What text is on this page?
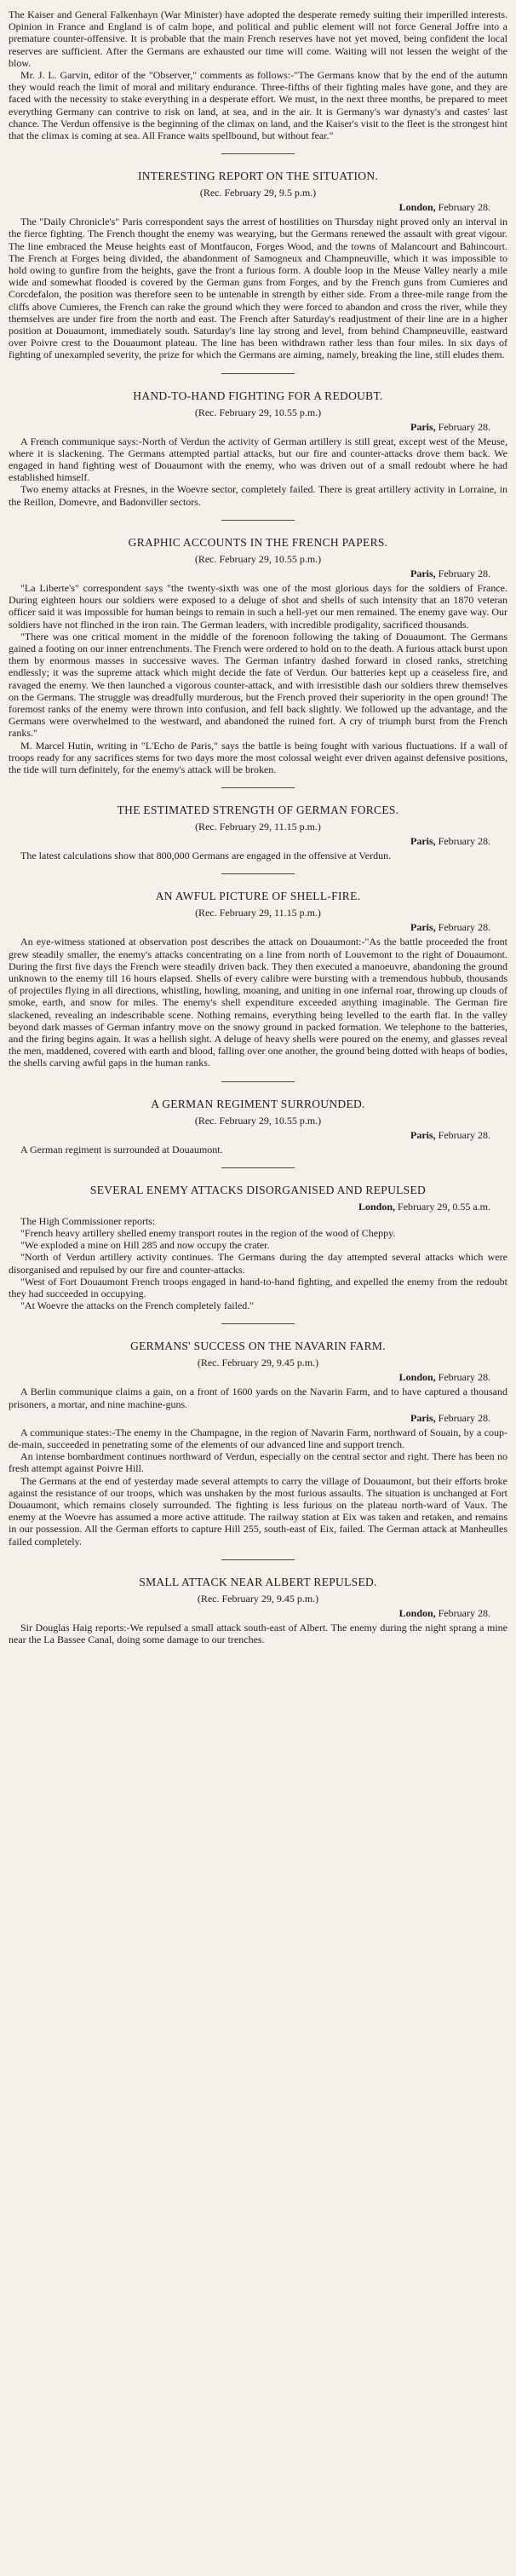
The Kaiser and General Falkenhayn (War Minister) have adopted the desperate remedy suiting their imperilled interests. Opinion in France and England is of calm hope, and political and public element will not force General Joffre into a premature counter-offensive. It is probable that the main French reserves have not yet moved, being confident the local reserves are sufficient. After the Germans are exhausted our time will come. Waiting will not lessen the weight of the blow.

Mr. J. L. Garvin, editor of the "Observer," comments as follows:-"The Germans know that by the end of the autumn they would reach the limit of moral and military endurance. Three-fifths of their fighting males have gone, and they are faced with the necessity to stake everything in a desperate effort. We must, in the next three months, be prepared to meet everything Germany can contrive to risk on land, at sea, and in the air. It is Germany's war dynasty's and castes' last chance. The Verdun offensive is the beginning of the climax on land, and the Kaiser's visit to the fleet is the strongest hint that the climax is coming at sea. All France waits spellbound, but without fear."

INTERESTING REPORT ON THE SITUATION.
(Rec. February 29, 9.5 p.m.)
London, February 28.

The "Daily Chronicle's" Paris correspondent says the arrest of hostilities on Thursday night proved only an interval in the fierce fighting. The French thought the enemy was wearying, but the Germans renewed the assault with great vigour. The line embraced the Meuse heights east of Montfaucon, Forges Wood, and the towns of Malancourt and Bahincourt. The French at Forges being divided, the abandonment of Samogneux and Champneuville, which it was impossible to hold owing to gunfire from the heights, gave the front a furious form. A double loop in the Meuse Valley nearly a mile wide and somewhat flooded is covered by the German guns from Forges, and by the French guns from Cumieres and Corcdefalon, the position was therefore seen to be untenable in strength by either side. From a three-mile range from the cliffs above Cumieres, the French can rake the ground which they were forced to abandon and cross the river, while they themselves are under fire from the north and east. The French after Saturday's readjustment of their line are in a higher position at Douaumont, immediately south. Saturday's line lay strong and level, from behind Champneuville, eastward over Poivre crest to the Douaumont plateau. The line has been withdrawn rather less than four miles. In six days of fighting of unexampled severity, the prize for which the Germans are aiming, namely, breaking the line, still eludes them.

HAND-TO-HAND FIGHTING FOR A REDOUBT.
(Rec. February 29, 10.55 p.m.)
Paris, February 28.

A French communique says:-North of Verdun the activity of German artillery is still great, except west of the Meuse, where it is slackening. The Germans attempted partial attacks, but our fire and counter-attacks drove them back. We engaged in hand fighting west of Douaumont with the enemy, who was driven out of a small redoubt where he had established himself.

Two enemy attacks at Fresnes, in the Woevre sector, completely failed. There is great artillery activity in Lorraine, in the Reillon, Domevre, and Badonviller sectors.

GRAPHIC ACCOUNTS IN THE FRENCH PAPERS.
(Rec. February 29, 10.55 p.m.)
Paris, February 28.

"La Liberte's" correspondent says "the twenty-sixth was one of the most glorious days for the soldiers of France. During eighteen hours our soldiers were exposed to a deluge of shot and shells of such intensity that an 1870 veteran officer said it was impossible for human beings to remain in such a hell-yet our men remained. The enemy gave way. Our soldiers have not flinched in the iron rain. The German leaders, with incredible prodigality, sacrificed thousands.

"There was one critical moment in the middle of the forenoon following the taking of Douaumont. The Germans gained a footing on our inner entrenchments. The French were ordered to hold on to the death. A furious attack burst upon them by enormous masses in successive waves. The German infantry dashed forward in closed ranks, stretching endlessly; it was the supreme attack which might decide the fate of Verdun. Our batteries kept up a ceaseless fire, and ravaged the enemy. We then launched a vigorous counter-attack, and with irresistible dash our soldiers threw themselves on the Germans. The struggle was dreadfully murderous, but the French proved their superiority in the open ground! The foremost ranks of the enemy were thrown into confusion, and fell back slightly. We followed up the advantage, and the Germans were overwhelmed to the westward, and abandoned the ruined fort. A cry of triumph burst from the French ranks."

M. Marcel Hutin, writing in "L'Echo de Paris," says the battle is being fought with various fluctuations. If a wall of troops ready for any sacrifices stems for two days more the most colossal weight ever driven against defensive positions, the tide will turn definitely, for the enemy's attack will be broken.

THE ESTIMATED STRENGTH OF GERMAN FORCES.
(Rec. February 29, 11.15 p.m.)
Paris, February 28.

The latest calculations show that 800,000 Germans are engaged in the offensive at Verdun.

AN AWFUL PICTURE OF SHELL-FIRE.
(Rec. February 29, 11.15 p.m.)
Paris, February 28.

An eye-witness stationed at observation post describes the attack on Douaumont:-"As the battle proceeded the front grew steadily smaller, the enemy's attacks concentrating on a line from north of Louvemont to the right of Douaumont. During the first five days the French were steadily driven back. They then executed a manoeuvre, abandoning the ground unknown to the enemy till 16 hours elapsed. Shells of every calibre were bursting with a tremendous hubbub, thousands of projectiles flying in all directions, whistling, howling, moaning, and uniting in one infernal roar, throwing up clouds of smoke, earth, and snow for miles. The enemy's shell expenditure exceeded anything imaginable. The German fire slackened, revealing an indescribable scene. Nothing remains, everything being levelled to the earth flat. In the valley beyond dark masses of German infantry move on the snowy ground in packed formation. We telephone to the batteries, and the firing begins again. It was a hellish sight. A deluge of heavy shells were poured on the enemy, and glasses reveal the men, maddened, covered with earth and blood, falling over one another, the ground being dotted with heaps of bodies, the shells carving awful gaps in the human ranks.

A GERMAN REGIMENT SURROUNDED.
(Rec. February 29, 10.55 p.m.)
Paris, February 28.

A German regiment is surrounded at Douaumont.

SEVERAL ENEMY ATTACKS DISORGANISED AND REPULSED
London, February 29, 0.55 a.m.

The High Commissioner reports:

"French heavy artillery shelled enemy transport routes in the region of the wood of Cheppy.

"We exploded a mine on Hill 285 and now occupy the crater.

"North of Verdun artillery activity continues. The Germans during the day attempted several attacks which were disorganised and repulsed by our fire and counter-attacks.

"West of Fort Douaumont French troops engaged in hand-to-hand fighting, and expelled the enemy from the redoubt they had succeeded in occupying.

"At Woevre the attacks on the French completely failed."

GERMANS' SUCCESS ON THE NAVARIN FARM.
(Rec. February 29, 9.45 p.m.)
London, February 28.

A Berlin communique claims a gain, on a front of 1600 yards on the Navarin Farm, and to have captured a thousand prisoners, a mortar, and nine machine-guns.

Paris, February 28.

A communique states:-The enemy in the Champagne, in the region of Navarin Farm, northward of Souain, by a coup-de-main, succeeded in penetrating some of the elements of our advanced line and support trench.

An intense bombardment continues northward of Verdun, especially on the central sector and right. There has been no fresh attempt against Poivre Hill.

The Germans at the end of yesterday made several attempts to carry the village of Douaumont, but their efforts broke against the resistance of our troops, which was unshaken by the most furious assaults. The situation is unchanged at Fort Douaumont, which remains closely surrounded. The fighting is less furious on the plateau north-ward of Vaux. The enemy at the Woevre has assumed a more active attitude. The railway station at Eix was taken and retaken, and remains in our possession. All the German efforts to capture Hill 255, south-east of Eix, failed. The German attack at Manheulles failed completely.

SMALL ATTACK NEAR ALBERT REPULSED.
(Rec. February 29, 9.45 p.m.)
London, February 28.

Sir Douglas Haig reports:-We repulsed a small attack south-east of Albert. The enemy during the night sprang a mine near the La Bassee Canal, doing some damage to our trenches.
